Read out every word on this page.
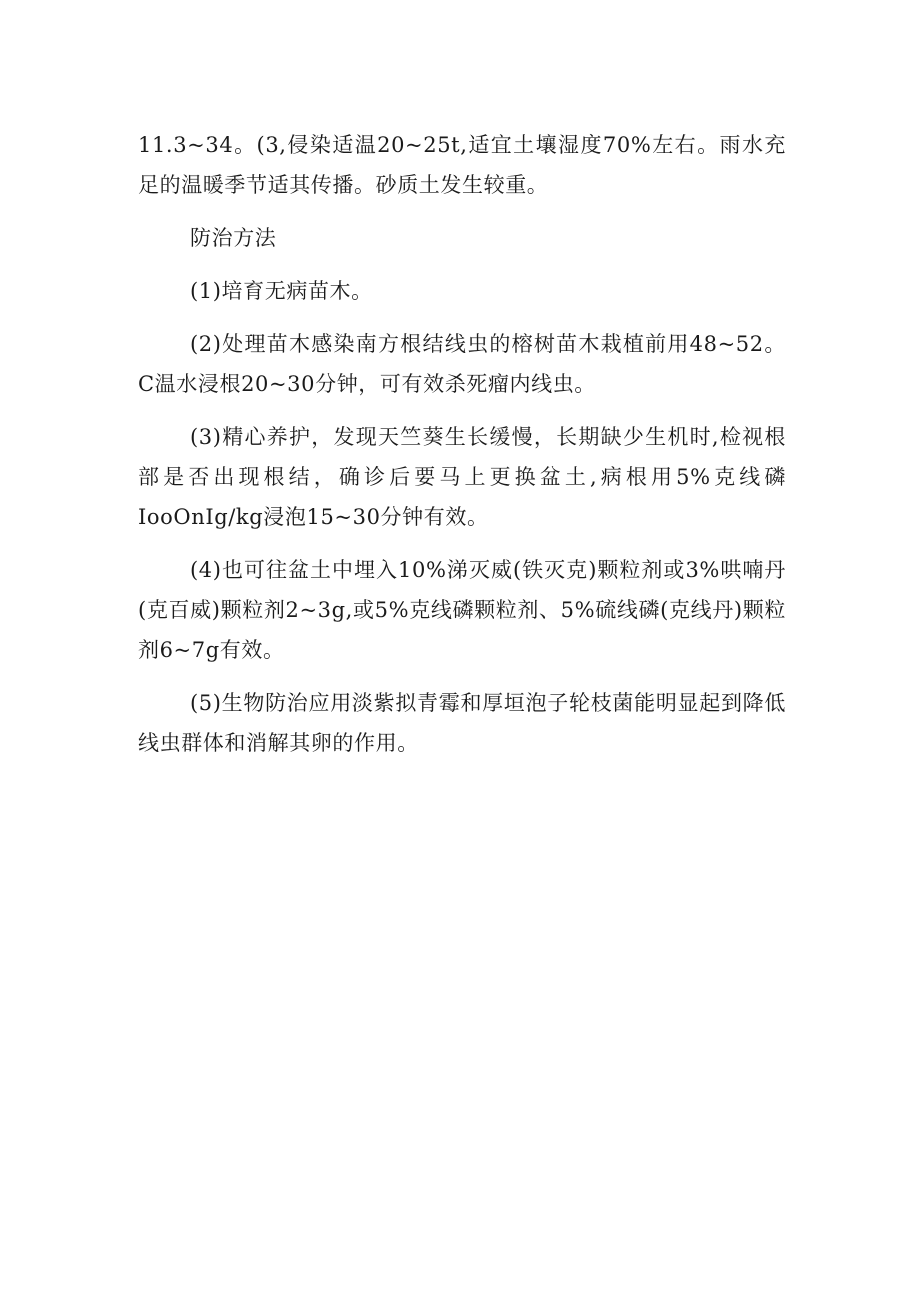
11.3~34。(3,侵染适温20~25t,适宜土壤湿度70%左右。雨水充足的温暖季节适其传播。砂质土发生较重。

防治方法

(1)培育无病苗木。

(2)处理苗木感染南方根结线虫的榕树苗木栽植前用48~52。C温水浸根20~30分钟，可有效杀死瘤内线虫。

(3)精心养护，发现天竺葵生长缓慢，长期缺少生机时,检视根部是否出现根结，确诊后要马上更换盆土,病根用5%克线磷IooOnIg/kg浸泡15~30分钟有效。

(4)也可往盆土中埋入10%涕灭威(铁灭克)颗粒剂或3%哄喃丹(克百威)颗粒剂2~3g,或5%克线磷颗粒剂、5%硫线磷(克线丹)颗粒剂6~7g有效。

(5)生物防治应用淡紫拟青霉和厚垣泡子轮枝菌能明显起到降低线虫群体和消解其卵的作用。
